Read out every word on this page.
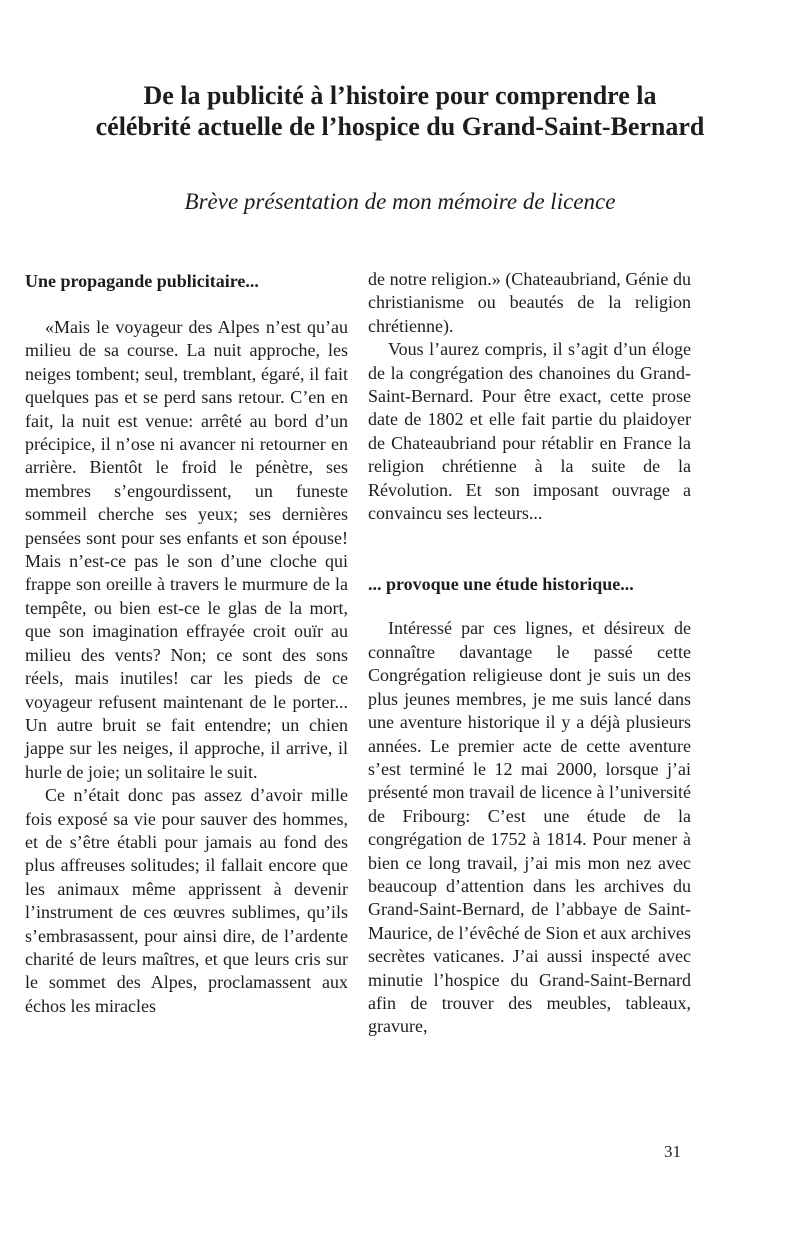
De la publicité à l’histoire pour comprendre la
célébrité actuelle de l’hospice du Grand-Saint-Bernard
Brève présentation de mon mémoire de licence
Une propagande publicitaire...

«Mais le voyageur des Alpes n’est qu’au milieu de sa course. La nuit approche, les neiges tombent; seul, tremblant, égaré, il fait quelques pas et se perd sans retour. C’en en fait, la nuit est venue: arrêté au bord d’un précipice, il n’ose ni avancer ni retourner en arrière. Bientôt le froid le pénètre, ses membres s’engourdissent, un funeste sommeil cherche ses yeux; ses dernières pensées sont pour ses enfants et son épouse! Mais n’est-ce pas le son d’une cloche qui frappe son oreille à travers le murmure de la tempête, ou bien est-ce le glas de la mort, que son imagination effrayée croit ouïr au milieu des vents? Non; ce sont des sons réels, mais inutiles! car les pieds de ce voyageur refusent maintenant de le porter... Un autre bruit se fait entendre; un chien jappe sur les neiges, il approche, il arrive, il hurle de joie; un solitaire le suit.

Ce n’était donc pas assez d’avoir mille fois exposé sa vie pour sauver des hommes, et de s’être établi pour jamais au fond des plus affreuses solitudes; il fallait encore que les animaux même apprissent à devenir l’instrument de ces œuvres sublimes, qu’ils s’embrasassent, pour ainsi dire, de l’ardente charité de leurs maîtres, et que leurs cris sur le sommet des Alpes, proclamassent aux échos les miracles

de notre religion.» (Chateaubriand, Génie du christianisme ou beautés de la religion chrétienne).

Vous l’aurez compris, il s’agit d’un éloge de la congrégation des chanoines du Grand-Saint-Bernard. Pour être exact, cette prose date de 1802 et elle fait partie du plaidoyer de Chateaubriand pour rétablir en France la religion chrétienne à la suite de la Révolution. Et son imposant ouvrage a convaincu ses lecteurs...

... provoque une étude historique...

Intéressé par ces lignes, et désireux de connaître davantage le passé cette Congrégation religieuse dont je suis un des plus jeunes membres, je me suis lancé dans une aventure historique il y a déjà plusieurs années. Le premier acte de cette aventure s’est terminé le 12 mai 2000, lorsque j’ai présenté mon travail de licence à l’université de Fribourg: C’est une étude de la congrégation de 1752 à 1814. Pour mener à bien ce long travail, j’ai mis mon nez avec beaucoup d’attention dans les archives du Grand-Saint-Bernard, de l’abbaye de Saint-Maurice, de l’évêché de Sion et aux archives secrètes vaticanes. J’ai aussi inspecté avec minutie l’hospice du Grand-Saint-Bernard afin de trouver des meubles, tableaux, gravure,

31
